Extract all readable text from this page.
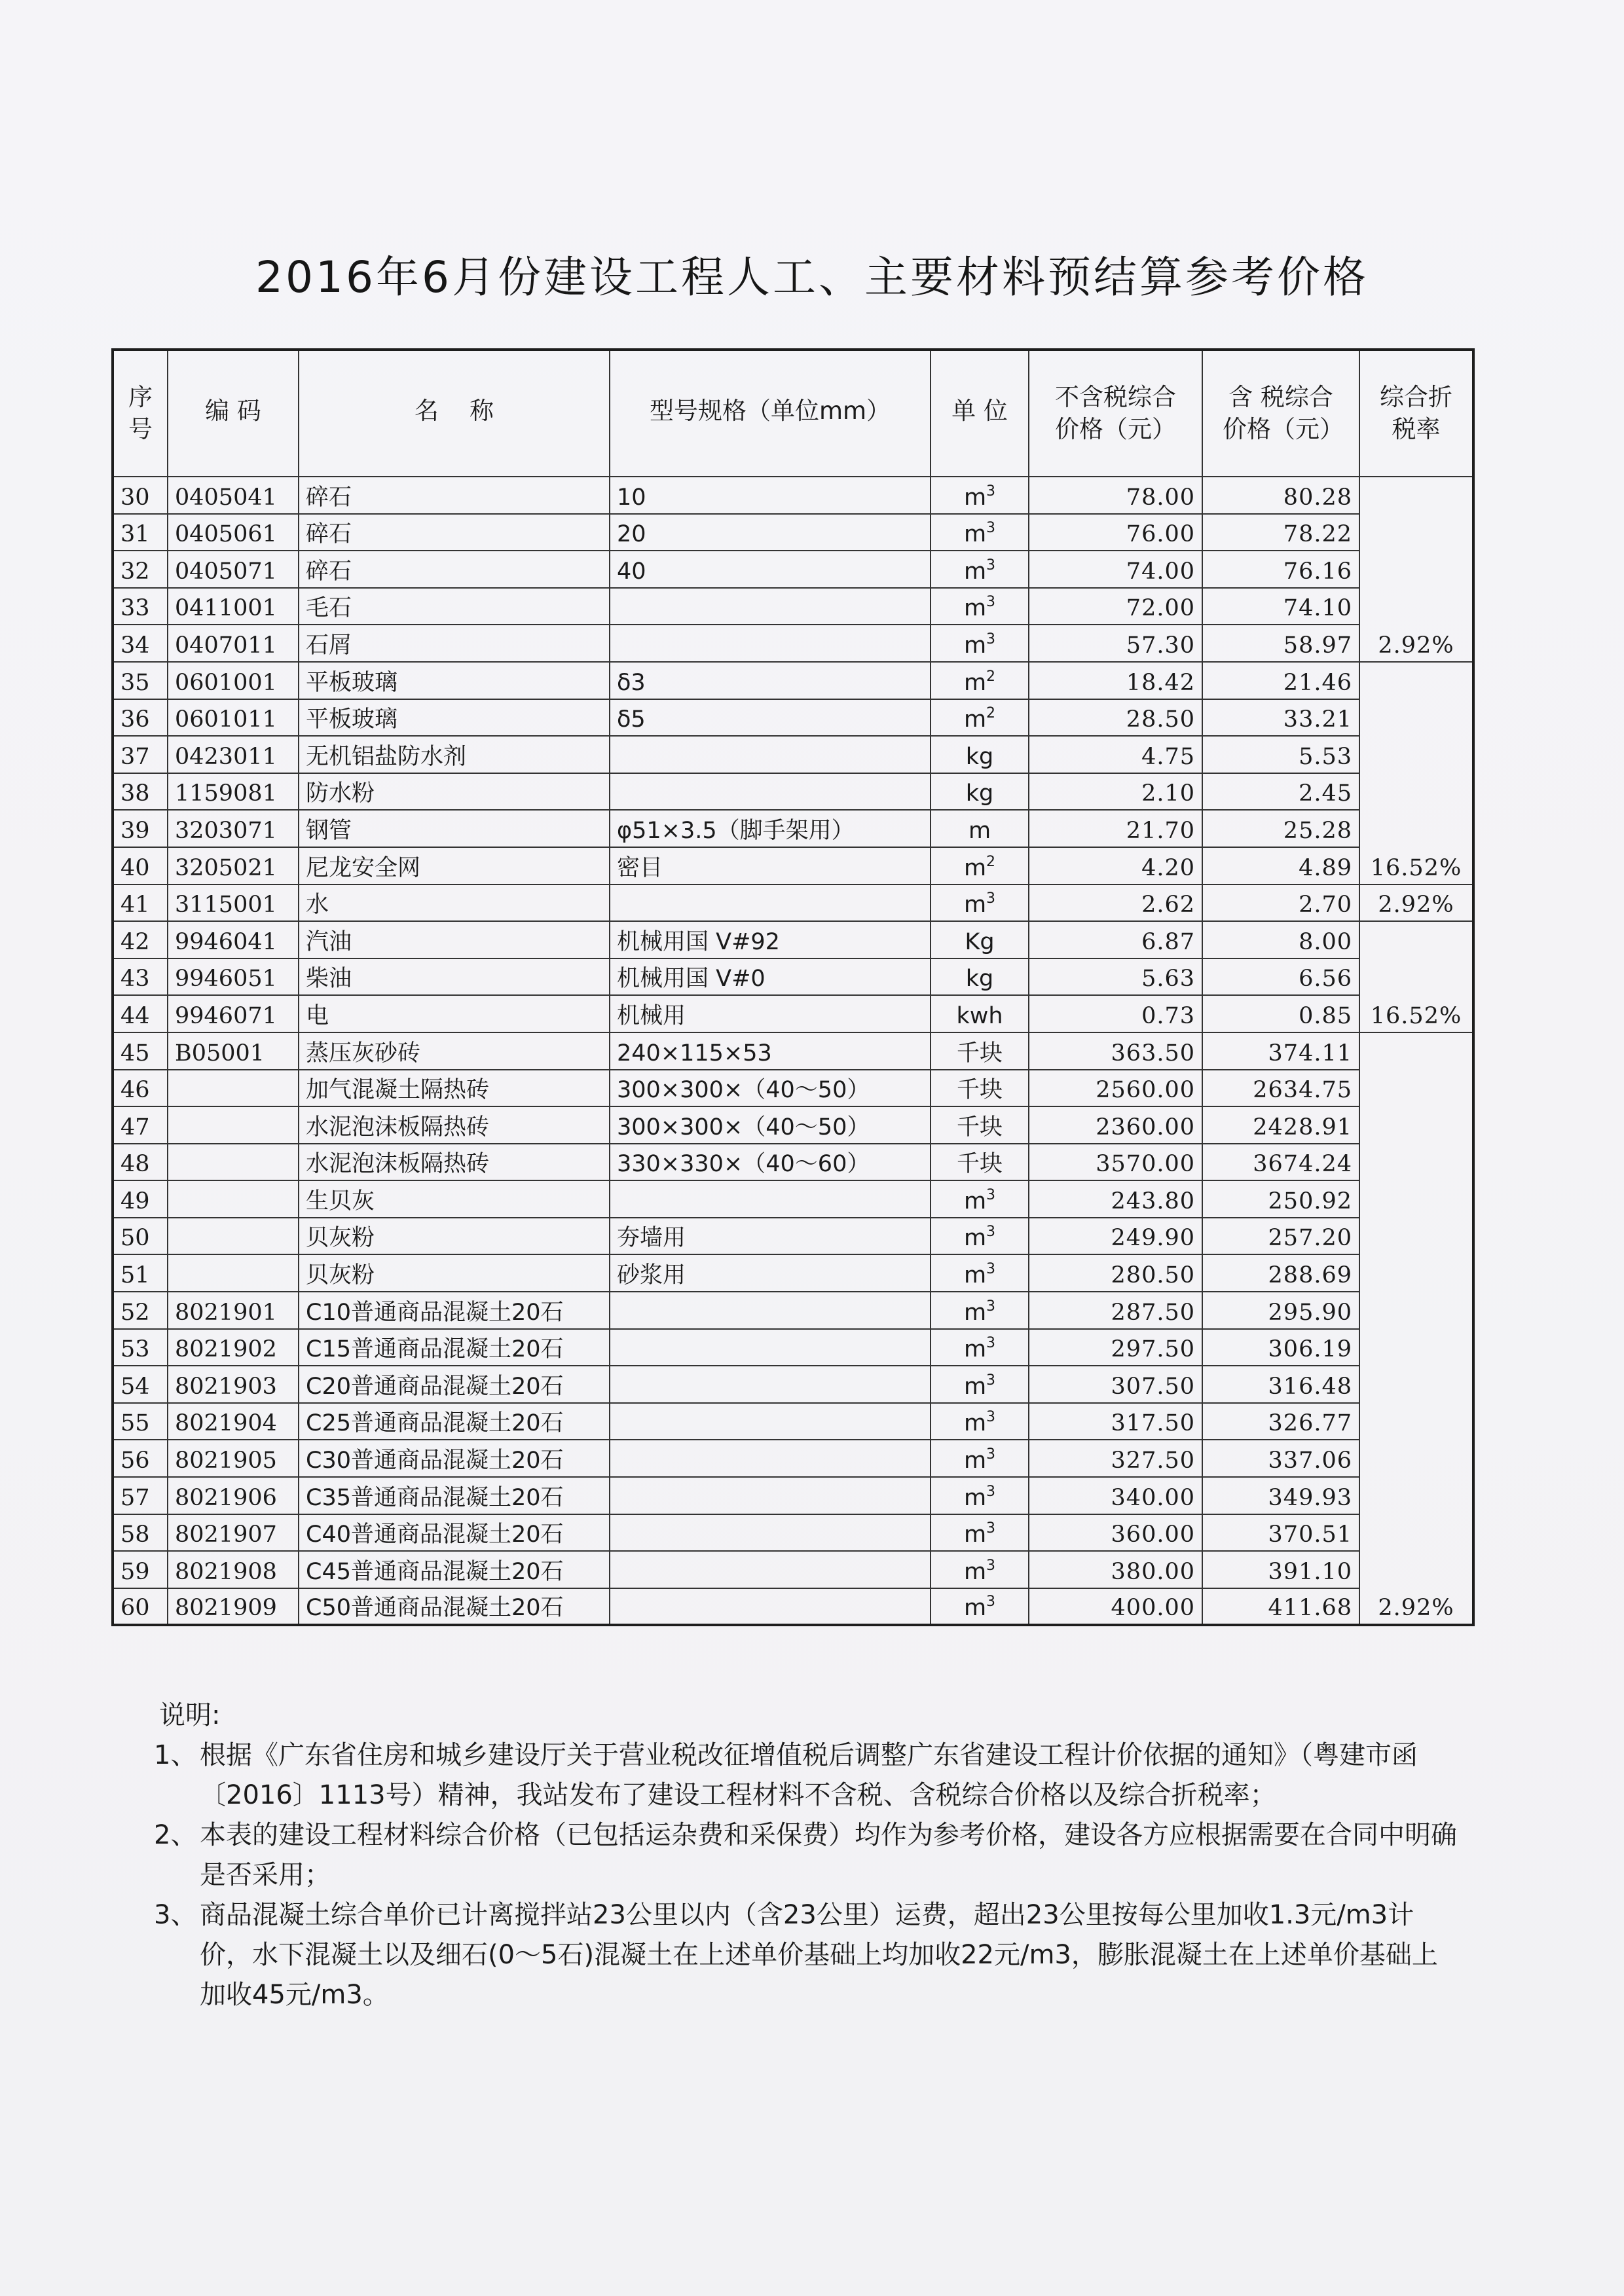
2016年6月份建设工程人工、主要材料预结算参考价格
序号	编 码	名    称	型号规格（单位mm）	单 位	不含税综合价格（元）	含 税综合价格（元）	综合折税率
30	0405041	碎石	10	$m^3$	78.00	80.28	2.92%
31	0405061	碎石	20	$m^3$	76.00	78.22	
32	0405071	碎石	40	$m^3$	74.00	76.16	
33	0411001	毛石		$m^3$	72.00	74.10	
34	0407011	石屑		$m^3$	57.30	58.97	
35	0601001	平板玻璃	δ3	$m^2$	18.42	21.46	16.52%
36	0601011	平板玻璃	δ5	$m^2$	28.50	33.21	
37	0423011	无机铝盐防水剂		kg	4.75	5.53	
38	1159081	防水粉		kg	2.10	2.45	
39	3203071	钢管	φ51×3.5（脚手架用）	m	21.70	25.28	
40	3205021	尼龙安全网	密目	$m^2$	4.20	4.89	
41	3115001	水		$m^3$	2.62	2.70	2.92%
42	9946041	汽油	机械用国 V#92	Kg	6.87	8.00	16.52%
43	9946051	柴油	机械用国 V#0	kg	5.63	6.56	
44	9946071	电	机械用	kwh	0.73	0.85	
45	B05001	蒸压灰砂砖	240×115×53	千块	363.50	374.11	2.92%
46		加气混凝土隔热砖	300×300×（40～50）	千块	2560.00	2634.75	
47		水泥泡沫板隔热砖	300×300×（40～50）	千块	2360.00	2428.91	
48		水泥泡沫板隔热砖	330×330×（40～60）	千块	3570.00	3674.24	
49		生贝灰		$m^3$	243.80	250.92	
50		贝灰粉	夯墙用	$m^3$	249.90	257.20	
51		贝灰粉	砂浆用	$m^3$	280.50	288.69	
52	8021901	C10普通商品混凝土20石		$m^3$	287.50	295.90	
53	8021902	C15普通商品混凝土20石		$m^3$	297.50	306.19	
54	8021903	C20普通商品混凝土20石		$m^3$	307.50	316.48	
55	8021904	C25普通商品混凝土20石		$m^3$	317.50	326.77	
56	8021905	C30普通商品混凝土20石		$m^3$	327.50	337.06	
57	8021906	C35普通商品混凝土20石		$m^3$	340.00	349.93	
58	8021907	C40普通商品混凝土20石		$m^3$	360.00	370.51	
59	8021908	C45普通商品混凝土20石		$m^3$	380.00	391.10	
60	8021909	C50普通商品混凝土20石		$m^3$	400.00	411.68	
说明:
1、 根据《广东省住房和城乡建设厅关于营业税改征增值税后调整广东省建设工程计价依据的通知》（粤建市函〔2016〕1113号）精神，我站发布了建设工程材料不含税、含税综合价格以及综合折税率；
2、 本表的建设工程材料综合价格（已包括运杂费和采保费）均作为参考价格，建设各方应根据需要在合同中明确是否采用；
3、 商品混凝土综合单价已计离搅拌站23公里以内（含23公里）运费，超出23公里按每公里加收1.3元/m3计价，水下混凝土以及细石(0～5石)混凝土在上述单价基础上均加收22元/m3，膨胀混凝土在上述单价基础上加收45元/m3。
